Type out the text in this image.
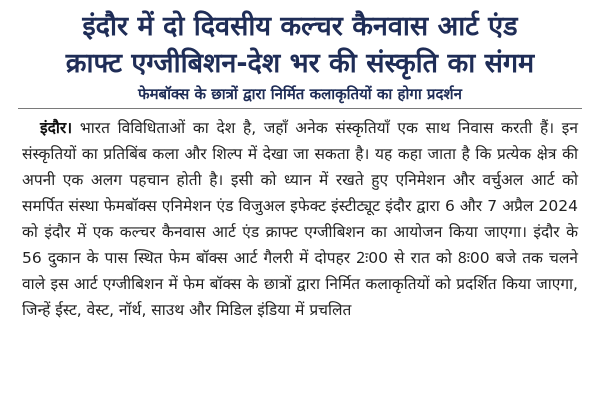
इंदौर में दो दिवसीय कल्चर कैनवास आर्ट एंड
क्राफ्ट एग्जीबिशन-देश भर की संस्कृति का संगम
फेमबॉक्स के छात्रों द्वारा निर्मित कलाकृतियों का होगा प्रदर्शन

इंदौर। भारत विविधिताओं का देश है, जहाँ अनेक संस्कृतियाँ एक साथ निवास करती हैं। इन संस्कृतियों का प्रतिबिंब कला और शिल्प में देखा जा सकता है। यह कहा जाता है कि प्रत्येक क्षेत्र की अपनी एक अलग पहचान होती है। इसी को ध्यान में रखते हुए एनिमेशन और वर्चुअल आर्ट को समर्पित संस्था फेमबॉक्स एनिमेशन एंड विजुअल इफेक्ट इंस्टीट्यूट इंदौर द्वारा 6 और 7 अप्रैल 2024 को इंदौर में एक कल्चर कैनवास आर्ट एंड क्राफ्ट एग्जीबिशन का आयोजन किया जाएगा। इंदौर के 56 दुकान के पास स्थित फेम बॉक्स आर्ट गैलरी में दोपहर 2ः00 से रात को 8ः00 बजे तक चलने वाले इस आर्ट एग्जीबिशन में फेम बॉक्स के छात्रों द्वारा निर्मित कलाकृतियों को प्रदर्शित किया जाएगा, जिन्हें ईस्ट, वेस्ट, नॉर्थ, साउथ और मिडिल इंडिया में प्रचलित
